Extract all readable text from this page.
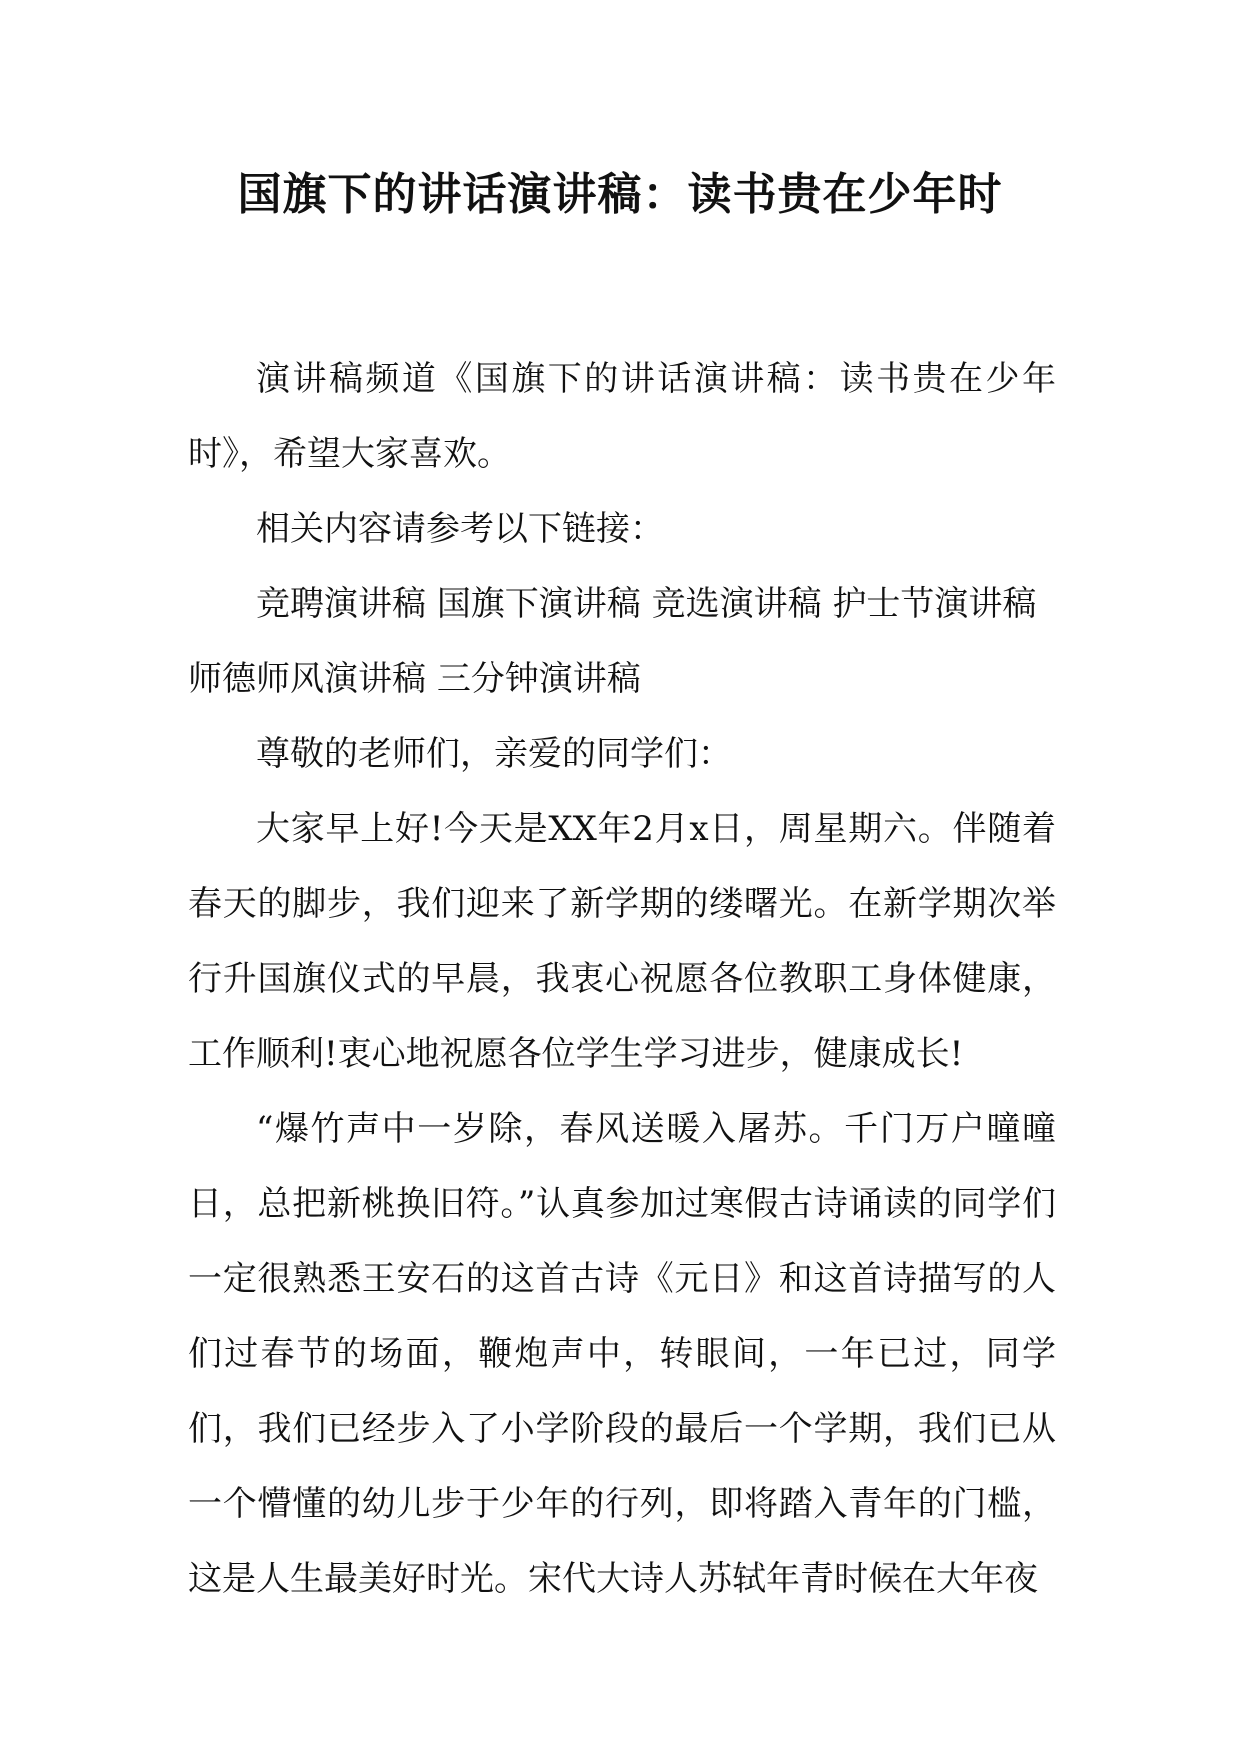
国旗下的讲话演讲稿：读书贵在少年时

演讲稿频道《国旗下的讲话演讲稿：读书贵在少年时》，希望大家喜欢。

相关内容请参考以下链接：

竞聘演讲稿 国旗下演讲稿 竞选演讲稿 护士节演讲稿 师德师风演讲稿 三分钟演讲稿

尊敬的老师们，亲爱的同学们：

大家早上好!今天是XX年2月x日，周星期六。伴随着春天的脚步，我们迎来了新学期的缕曙光。在新学期次举行升国旗仪式的早晨，我衷心祝愿各位教职工身体健康，工作顺利!衷心地祝愿各位学生学习进步，健康成长!

“爆竹声中一岁除，春风送暖入屠苏。千门万户曈曈日，总把新桃换旧符。”认真参加过寒假古诗诵读的同学们一定很熟悉王安石的这首古诗《元日》和这首诗描写的人们过春节的场面，鞭炮声中，转眼间，一年已过，同学们，我们已经步入了小学阶段的最后一个学期，我们已从一个懵懂的幼儿步于少年的行列，即将踏入青年的门槛，这是人生最美好时光。宋代大诗人苏轼年青时候在大年夜
